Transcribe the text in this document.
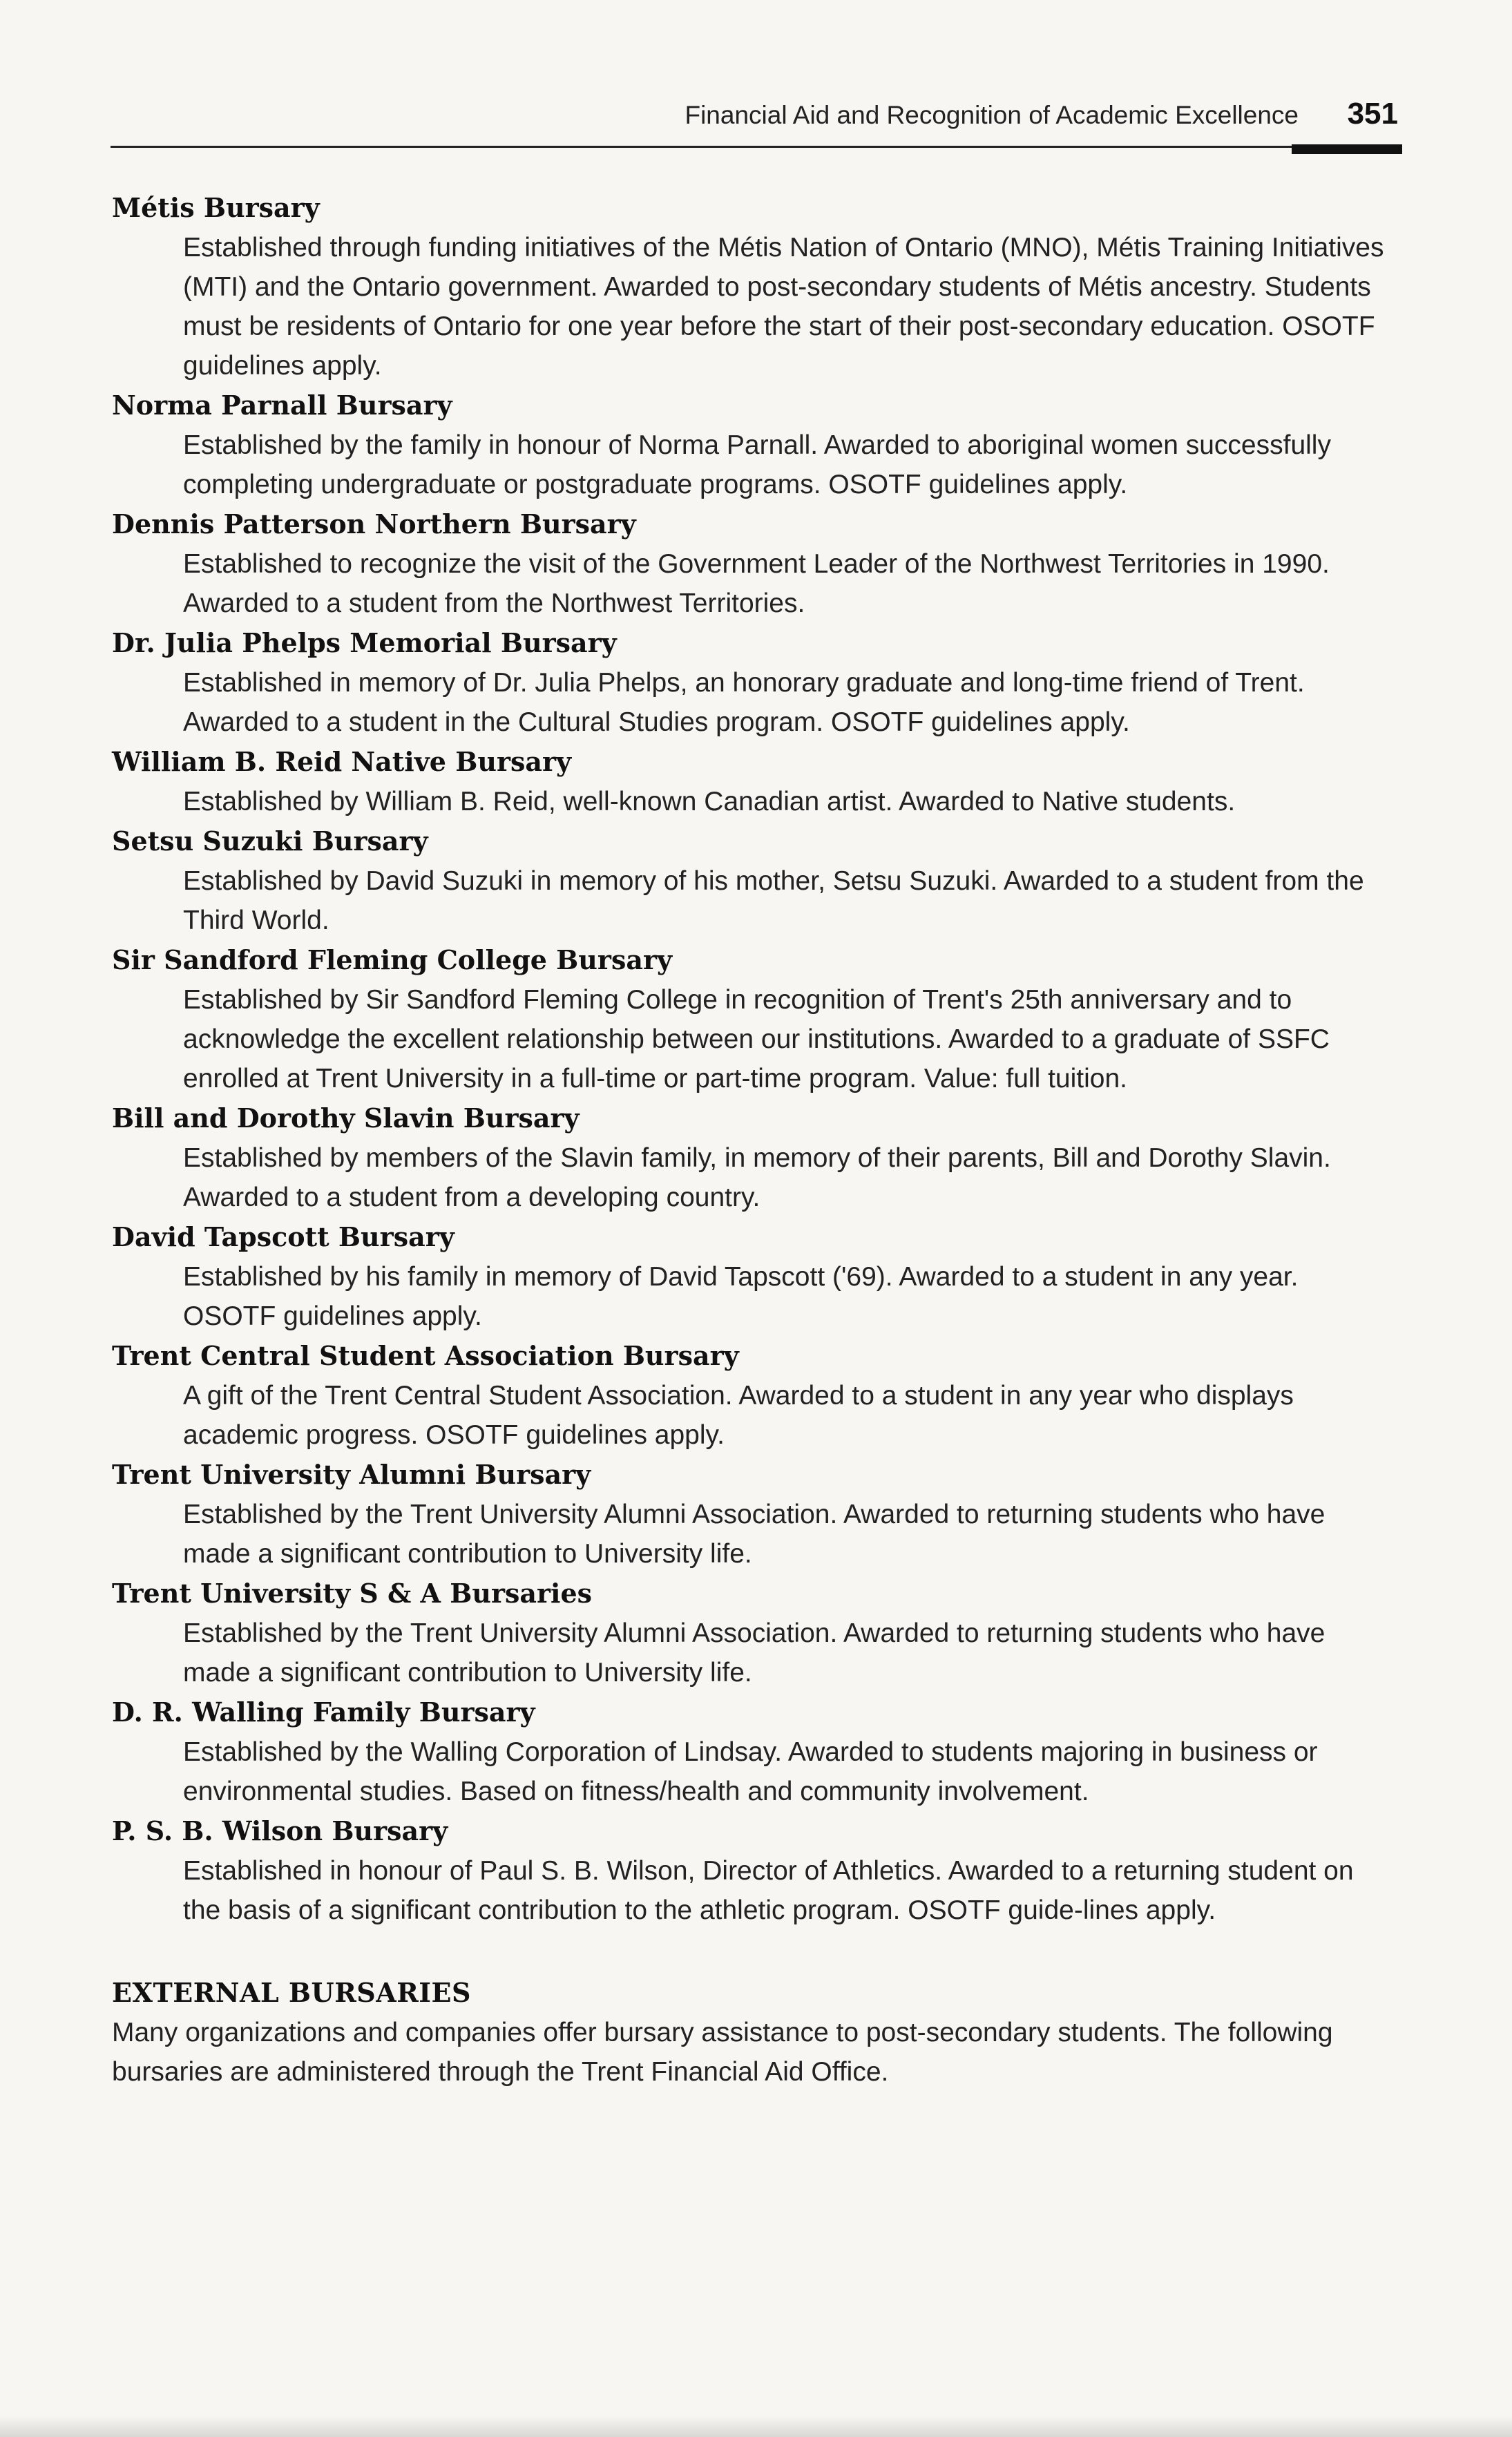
Financial Aid and Recognition of Academic Excellence 351

Métis Bursary

Established through funding initiatives of the Métis Nation of Ontario (MNO), Métis Training Initiatives (MTI) and the Ontario government. Awarded to post-secondary students of Métis ancestry. Students must be residents of Ontario for one year before the start of their post-secondary education. OSOTF guidelines apply.

Norma Parnall Bursary

Established by the family in honour of Norma Parnall. Awarded to aboriginal women successfully completing undergraduate or postgraduate programs. OSOTF guidelines apply.

Dennis Patterson Northern Bursary

Established to recognize the visit of the Government Leader of the Northwest Territories in 1990. Awarded to a student from the Northwest Territories.

Dr. Julia Phelps Memorial Bursary

Established in memory of Dr. Julia Phelps, an honorary graduate and long-time friend of Trent. Awarded to a student in the Cultural Studies program. OSOTF guidelines apply.

William B. Reid Native Bursary

Established by William B. Reid, well-known Canadian artist. Awarded to Native students.

Setsu Suzuki Bursary

Established by David Suzuki in memory of his mother, Setsu Suzuki. Awarded to a student from the Third World.

Sir Sandford Fleming College Bursary

Established by Sir Sandford Fleming College in recognition of Trent's 25th anniversary and to acknowledge the excellent relationship between our institutions. Awarded to a graduate of SSFC enrolled at Trent University in a full-time or part-time program. Value: full tuition.

Bill and Dorothy Slavin Bursary

Established by members of the Slavin family, in memory of their parents, Bill and Dorothy Slavin. Awarded to a student from a developing country.

David Tapscott Bursary

Established by his family in memory of David Tapscott ('69). Awarded to a student in any year. OSOTF guidelines apply.

Trent Central Student Association Bursary

A gift of the Trent Central Student Association. Awarded to a student in any year who displays academic progress. OSOTF guidelines apply.

Trent University Alumni Bursary

Established by the Trent University Alumni Association. Awarded to returning students who have made a significant contribution to University life.

Trent University S & A Bursaries

Established by the Trent University Alumni Association. Awarded to returning students who have made a significant contribution to University life.

D. R. Walling Family Bursary

Established by the Walling Corporation of Lindsay. Awarded to students majoring in business or environmental studies. Based on fitness/health and community involvement.

P. S. B. Wilson Bursary

Established in honour of Paul S. B. Wilson, Director of Athletics. Awarded to a returning student on the basis of a significant contribution to the athletic program. OSOTF guide-lines apply.

EXTERNAL BURSARIES

Many organizations and companies offer bursary assistance to post-secondary students. The following bursaries are administered through the Trent Financial Aid Office.
